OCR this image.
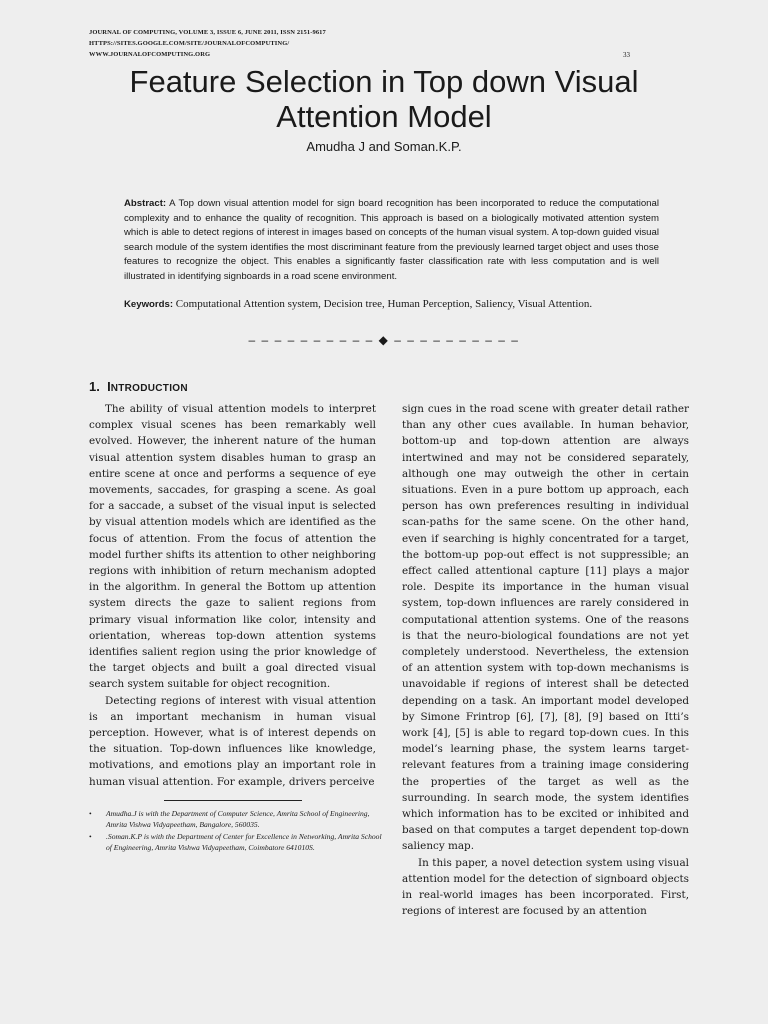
JOURNAL OF COMPUTING, VOLUME 3, ISSUE 6, JUNE 2011, ISSN 2151-9617
HTTPS://SITES.GOOGLE.COM/SITE/JOURNALOFCOMPUTING/
WWW.JOURNALOFCOMPUTING.ORG	33
Feature Selection in Top down Visual
Attention Model
Amudha J and Soman.K.P.
Abstract: A Top down visual attention model for sign board recognition has been incorporated to reduce the computational complexity and to enhance the quality of recognition. This approach is based on a biologically motivated attention system which is able to detect regions of interest in images based on concepts of the human visual system. A top-down guided visual search module of the system identifies the most discriminant feature from the previously learned target object and uses those features to recognize the object. This enables a significantly faster classification rate with less computation and is well illustrated in identifying signboards in a road scene environment.
Keywords: Computational Attention system, Decision tree, Human Perception, Saliency, Visual Attention.
– – – – – – – – – – ◆ – – – – – – – – – –
1. INTRODUCTION

The ability of visual attention models to interpret complex visual scenes has been remarkably well evolved. However, the inherent nature of the human visual attention system disables human to grasp an entire scene at once and performs a sequence of eye movements, saccades, for grasping a scene. As goal for a saccade, a subset of the visual input is selected by visual attention models which are identified as the focus of attention. From the focus of attention the model further shifts its attention to other neighboring regions with inhibition of return mechanism adopted in the algorithm. In general the Bottom up attention system directs the gaze to salient regions from primary visual information like color, intensity and orientation, whereas top-down attention systems identifies salient region using the prior knowledge of the target objects and built a goal directed visual search system suitable for object recognition.

Detecting regions of interest with visual attention is an important mechanism in human visual perception. However, what is of interest depends on the situation. Top-down influences like knowledge, motivations, and emotions play an important role in human visual attention. For example, drivers perceive

sign cues in the road scene with greater detail rather than any other cues available. In human behavior, bottom-up and top-down attention are always intertwined and may not be considered separately, although one may outweigh the other in certain situations. Even in a pure bottom up approach, each person has own preferences resulting in individual scan-paths for the same scene. On the other hand, even if searching is highly concentrated for a target, the bottom-up pop-out effect is not suppressible; an effect called attentional capture [11] plays a major role. Despite its importance in the human visual system, top-down influences are rarely considered in computational attention systems. One of the reasons is that the neuro-biological foundations are not yet completely understood. Nevertheless, the extension of an attention system with top-down mechanisms is unavoidable if regions of interest shall be detected depending on a task. An important model developed by Simone Frintrop [6], [7], [8], [9] based on Itti’s work [4], [5] is able to regard top-down cues. In this model’s learning phase, the system learns target-relevant features from a training image considering the properties of the target as well as the surrounding. In search mode, the system identifies which information has to be excited or inhibited and based on that computes a target dependent top-down saliency map.

In this paper, a novel detection system using visual attention model for the detection of signboard objects in real-world images has been incorporated. First, regions of interest are focused by an attention

• Amudha.J is with the Department of Computer Science, Amrita School of Engineering, Amrita Vishwa Vidyapeetham, Bangalore, 560035.
• .Soman.K.P is with the Department of Center for Excellence in Networking, Amrita School of Engineering, Amrita Vishwa Vidyapeetham, Coimbatore 641010S.
